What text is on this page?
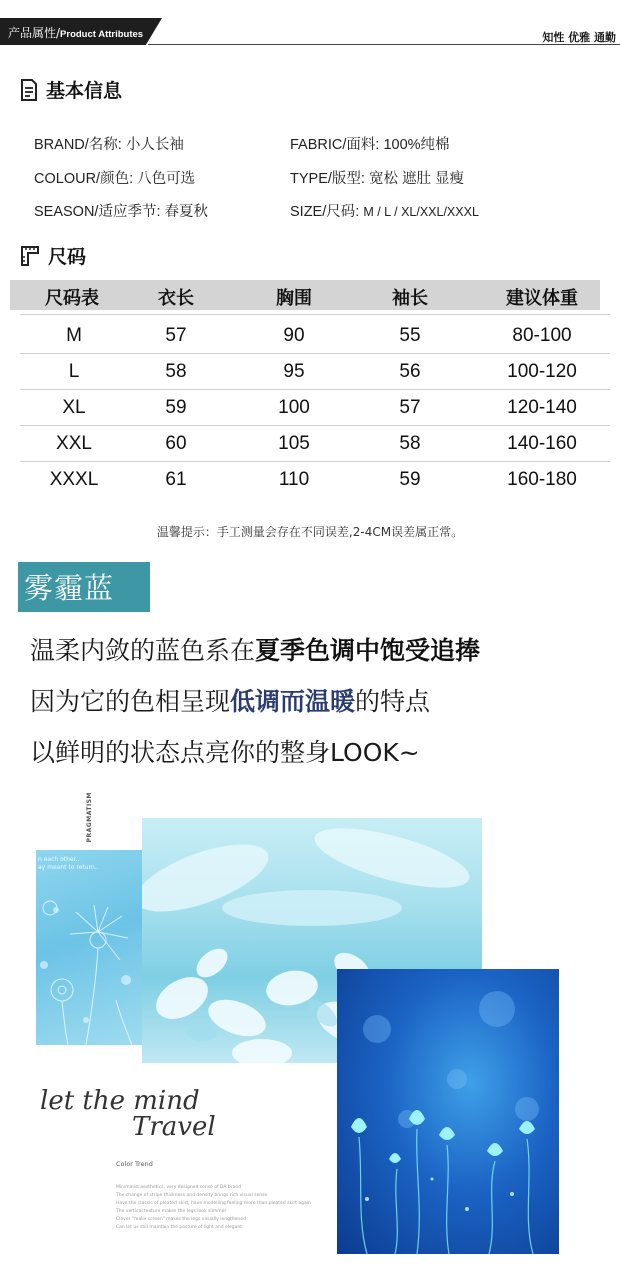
产品属性/Product Attributes	知性 优雅 通勤
基本信息
BRAND/名称: 小人长袖	FABRIC/面料: 100%纯棉
COLOUR/颜色: 八色可选	TYPE/版型: 宽松 遮肚 显瘦
SEASON/适应季节: 春夏秋	SIZE/尺码: M / L / XL/XXL/XXXL
尺码
尺码表	衣长	胸围	袖长	建议体重
M	57	90	55	80-100
L	58	95	56	100-120
XL	59	100	57	120-140
XXL	60	105	58	140-160
XXXL	61	110	59	160-180
温馨提示：手工测量会存在不同误差,2-4CM误差属正常。
雾霾蓝
温柔内敛的蓝色系在夏季色调中饱受追捧
因为它的色相呈现低调而温暖的特点
以鲜明的状态点亮你的整身LOOK~
PRAGMATISM
n each other..
ay meant to return..
let the mind
Travel
Color Trend
Minimalist aesthetics, very designed sense of DA brand
The change of stripe thickness and density brings rich visual sense
Have the classic of pleated skirt, have modelling feeling more than pleated skirt again
The vertical texture makes the legs look slimmer
Clever "make screen" makes the legs visually lengthened
Can let us still maintain the posture of light and elegant
